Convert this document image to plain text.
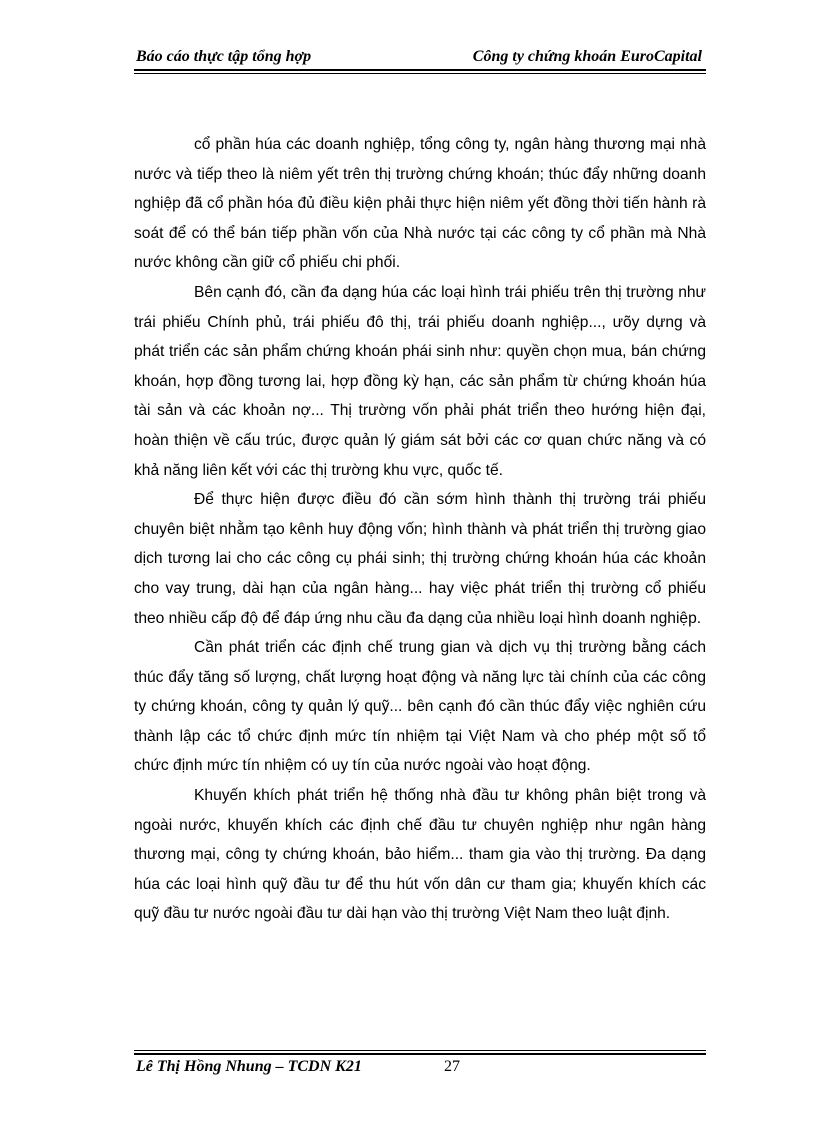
Báo cáo thực tập tổng hợp	Công ty chứng khoán EuroCapital

cổ phần húa các doanh nghiệp, tổng công ty, ngân hàng thương mại nhà nước và tiếp theo là niêm yết trên thị trường chứng khoán; thúc đẩy những doanh nghiệp đã cổ phần hóa đủ điều kiện phải thực hiện niêm yết đồng thời tiến hành rà soát để có thể bán tiếp phần vốn của Nhà nước tại các công ty cổ phần mà Nhà nước không cần giữ cổ phiếu chi phối.

Bên cạnh đó, cần đa dạng húa các loại hình trái phiếu trên thị trường như trái phiếu Chính phủ, trái phiếu đô thị, trái phiếu doanh nghiệp..., ưõy dựng và phát triển các sản phẩm chứng khoán phái sinh như: quyền chọn mua, bán chứng khoán, hợp đồng tương lai, hợp đồng kỳ hạn, các sản phẩm từ chứng khoán húa tài sản và các khoản nợ... Thị trường vốn phải phát triển theo hướng hiện đại, hoàn thiện về cấu trúc, được quản lý giám sát bởi các cơ quan chức năng và có khả năng liên kết với các thị trường khu vực, quốc tế.

Để thực hiện được điều đó cần sớm hình thành thị trường trái phiếu chuyên biệt nhằm tạo kênh huy động vốn; hình thành và phát triển thị trường giao dịch tương lai cho các công cụ phái sinh; thị trường chứng khoán húa các khoản cho vay trung, dài hạn của ngân hàng... hay việc phát triển thị trường cổ phiếu theo nhiều cấp độ để đáp ứng nhu cầu đa dạng của nhiều loại hình doanh nghiệp.

Cần phát triển các định chế trung gian và dịch vụ thị trường bằng cách thúc đẩy tăng số lượng, chất lượng hoạt động và năng lực tài chính của các công ty chứng khoán, công ty quản lý quỹ... bên cạnh đó cần thúc đẩy việc nghiên cứu thành lập các tổ chức định mức tín nhiệm tại Việt Nam và cho phép một số tổ chức định mức tín nhiệm có uy tín của nước ngoài vào hoạt động.

Khuyến khích phát triển hệ thống nhà đầu tư không phân biệt trong và ngoài nước, khuyến khích các định chế đầu tư chuyên nghiệp như ngân hàng thương mại, công ty chứng khoán, bảo hiểm... tham gia vào thị trường. Đa dạng húa các loại hình quỹ đầu tư để thu hút vốn dân cư tham gia; khuyến khích các quỹ đầu tư nước ngoài đầu tư dài hạn vào thị trường Việt Nam theo luật định.

Lê Thị Hồng Nhung – TCDN K21	27
